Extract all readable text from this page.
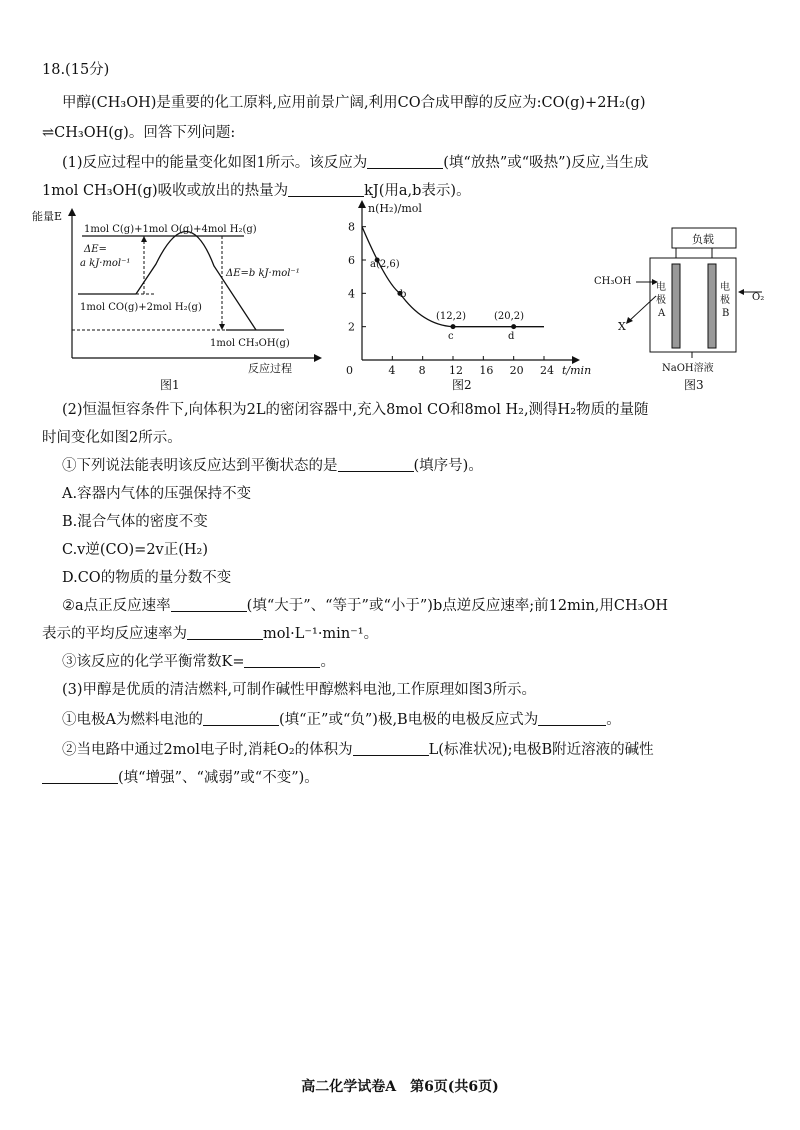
18.(15分)
甲醇(CH₃OH)是重要的化工原料,应用前景广阔,利用CO合成甲醇的反应为:CO(g)+2H₂(g)
⇌CH₃OH(g)。回答下列问题:
(1)反应过程中的能量变化如图1所示。该反应为	(填“放热”或“吸热”)反应,当生成
1mol CH₃OH(g)吸收或放出的热量为	kJ(用a,b表示)。
能量E
反应过程
1mol C(g)+1mol O(g)+4mol H₂(g)
ΔE=
a kJ·mol⁻¹
ΔE=b kJ·mol⁻¹
1mol CO(g)+2mol H₂(g)
1mol CH₃OH(g)
图1
4 8 12 16 20 24
2
4
6
8
n(H₂)/mol
t/min
0
a(2,6)
b
(12,2)
c
(20,2)
d
图2
负载
电
极
A
电
极
B
CH₃OH
X
O₂
NaOH溶液
图3
(2)恒温恒容条件下,向体积为2L的密闭容器中,充入8mol CO和8mol H₂,测得H₂物质的量随
时间变化如图2所示。
①下列说法能表明该反应达到平衡状态的是	(填序号)。
A.容器内气体的压强保持不变
B.混合气体的密度不变
C.v逆(CO)=2v正(H₂)
D.CO的物质的量分数不变
②a点正反应速率	(填“大于”、“等于”或“小于”)b点逆反应速率;前12min,用CH₃OH
表示的平均反应速率为	mol·L⁻¹·min⁻¹。
③该反应的化学平衡常数K=	。
(3)甲醇是优质的清洁燃料,可制作碱性甲醇燃料电池,工作原理如图3所示。
①电极A为燃料电池的	(填“正”或“负”)极,B电极的电极反应式为	。
②当电路中通过2mol电子时,消耗O₂的体积为	L(标准状况);电极B附近溶液的碱性
(填“增强”、“减弱”或“不变”)。
高二化学试卷A　第6页(共6页)
